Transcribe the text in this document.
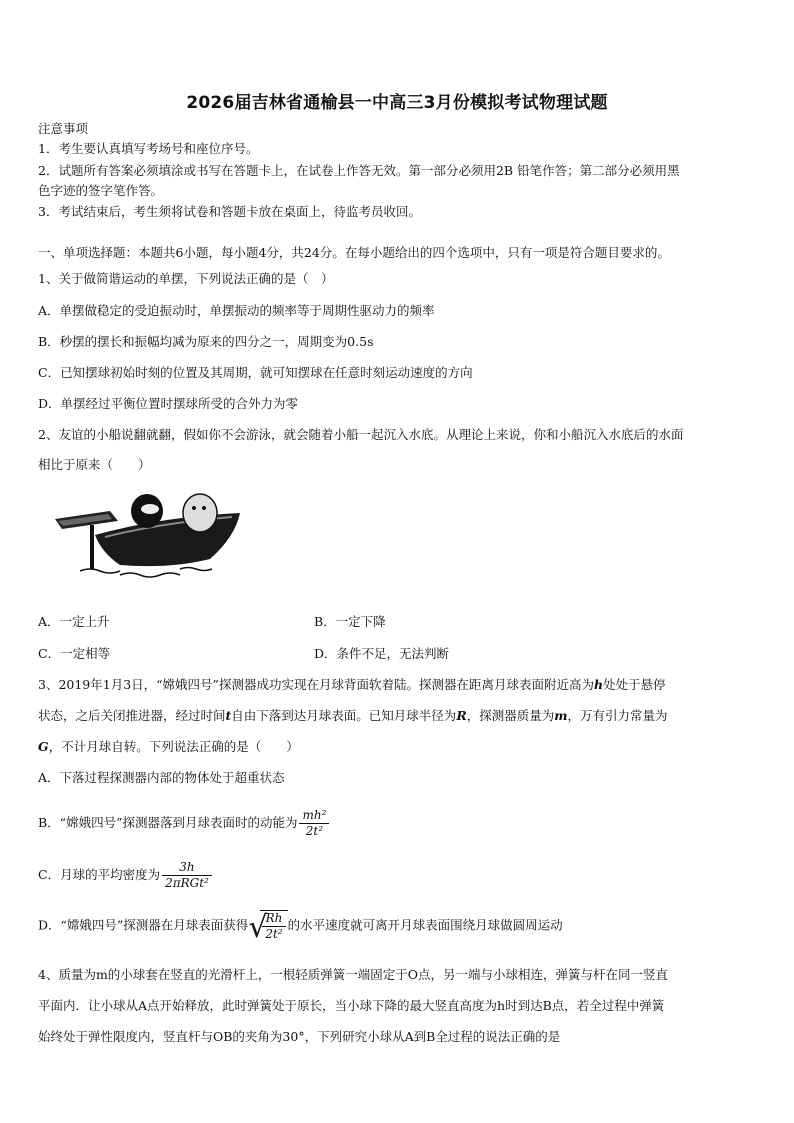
2026届吉林省通榆县一中高三3月份模拟考试物理试题
注意事项
1．考生要认真填写考场号和座位序号。
2．试题所有答案必须填涂或书写在答题卡上，在试卷上作答无效。第一部分必须用2B 铅笔作答；第二部分必须用黑
色字迹的签字笔作答。
3．考试结束后，考生须将试卷和答题卡放在桌面上，待监考员收回。
一、单项选择题：本题共6小题，每小题4分，共24分。在每小题给出的四个选项中，只有一项是符合题目要求的。
1、关于做简谐运动的单摆，下列说法正确的是（　）
A．单摆做稳定的受迫振动时，单摆振动的频率等于周期性驱动力的频率
B．秒摆的摆长和振幅均减为原来的四分之一，周期变为0.5s
C．已知摆球初始时刻的位置及其周期，就可知摆球在任意时刻运动速度的方向
D．单摆经过平衡位置时摆球所受的合外力为零
2、友谊的小船说翻就翻，假如你不会游泳，就会随着小船一起沉入水底。从理论上来说，你和小船沉入水底后的水面
相比于原来（　　）
A．一定上升	B．一定下降
C．一定相等	D．条件不足，无法判断
3、2019年1月3日，“嫦娥四号”探测器成功实现在月球背面软着陆。探测器在距离月球表面附近高为h处处于悬停
状态，之后关闭推进器，经过时间t自由下落到达月球表面。已知月球半径为R，探测器质量为m，万有引力常量为
G，不计月球自转。下列说法正确的是（　　）
A．下落过程探测器内部的物体处于超重状态
B．“嫦娥四号”探测器落到月球表面时的动能为 $\frac{\text{mh²}}{\text{2t²}}$
C．月球的平均密度为 $\frac{3h}{\text{2πRGt²}}$
D．“嫦娥四号”探测器在月球表面获得 √
$\frac{Rh}{\text{2t²}}$ 的水平速度就可离开月球表面围绕月球做圆周运动
4、质量为m的小球套在竖直的光滑杆上，一根轻质弹簧一端固定于O点，另一端与小球相连，弹簧与杆在同一竖直
平面内．让小球从A点开始释放，此时弹簧处于原长，当小球下降的最大竖直高度为h时到达B点，若全过程中弹簧
始终处于弹性限度内，竖直杆与OB的夹角为30°，下列研究小球从A到B全过程的说法正确的是
